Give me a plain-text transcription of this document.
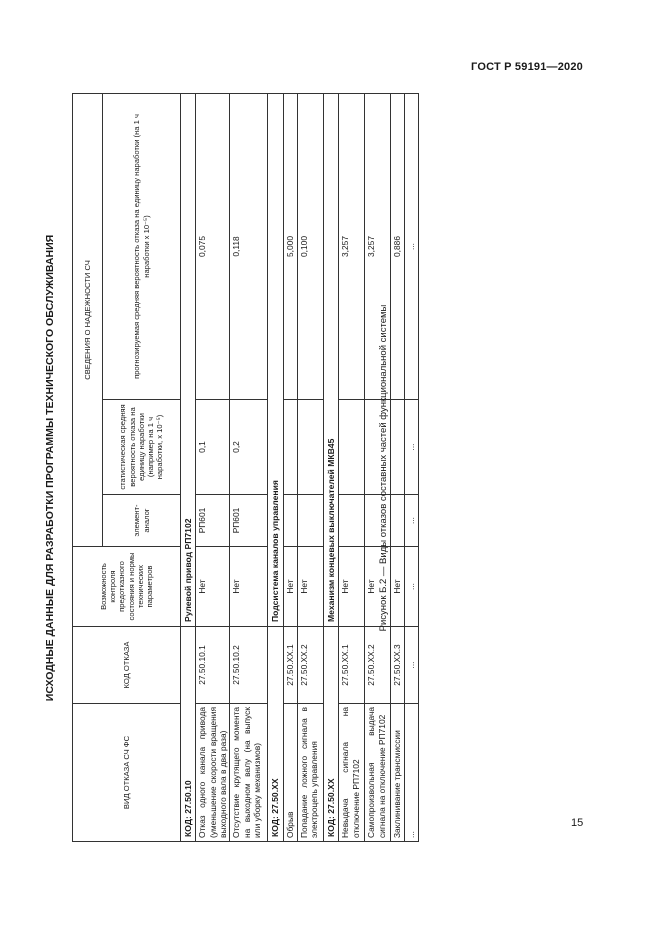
ГОСТ Р 59191—2020
ИСХОДНЫЕ ДАННЫЕ ДЛЯ РАЗРАБОТКИ ПРОГРАММЫ ТЕХНИЧЕСКОГО ОБСЛУЖИВАНИЯ
ВИД ОТКАЗА СЧ ФС	КОД ОТКАЗА	Возможность контроля предотказного состояния и нормы технических параметров	СВЕДЕНИЯ О НАДЕЖНОСТИ СЧ		
			элемент-аналог	статистическая средняя вероятность отказа на единицу наработки (например на 1 ч наработки, х 10⁻⁵)	прогнозируемая средняя вероятность отказа на единицу наработки (на 1 ч наработки х 10⁻⁵)
КОД: 27.50.10		Рулевой привод РП7102			
Отказ одного канала привода (уменьшение скорости вращения выходного вала в два раза)	27.50.10.1	Нет	РП601	0,1	0,075
Отсутствие крутящего момента на выходном валу (на выпуск или уборку механизмов)	27.50.10.2	Нет	РП601	0,2	0,118
КОД: 27.50.XX		Подсистема каналов управления			
Обрыв	27.50.XX.1	Нет			5,000
Попадание ложного сигнала в электроцепь управления	27.50.XX.2	Нет			0,100
КОД: 27.50.XX		Механизм концевых выключателей МКВ45			
Невыдача сигнала на отключение РП7102	27.50.XX.1	Нет			3,257
Самопроизвольная выдача сигнала на отключение РП7102	27.50.XX.2	Нет			3,257
Заклинивание трансмиссии	27.50.XX.3	Нет			0,886
...	...	...	...	...	...
Рисунок Б.2 — Виды отказов составных частей функциональной системы
15
